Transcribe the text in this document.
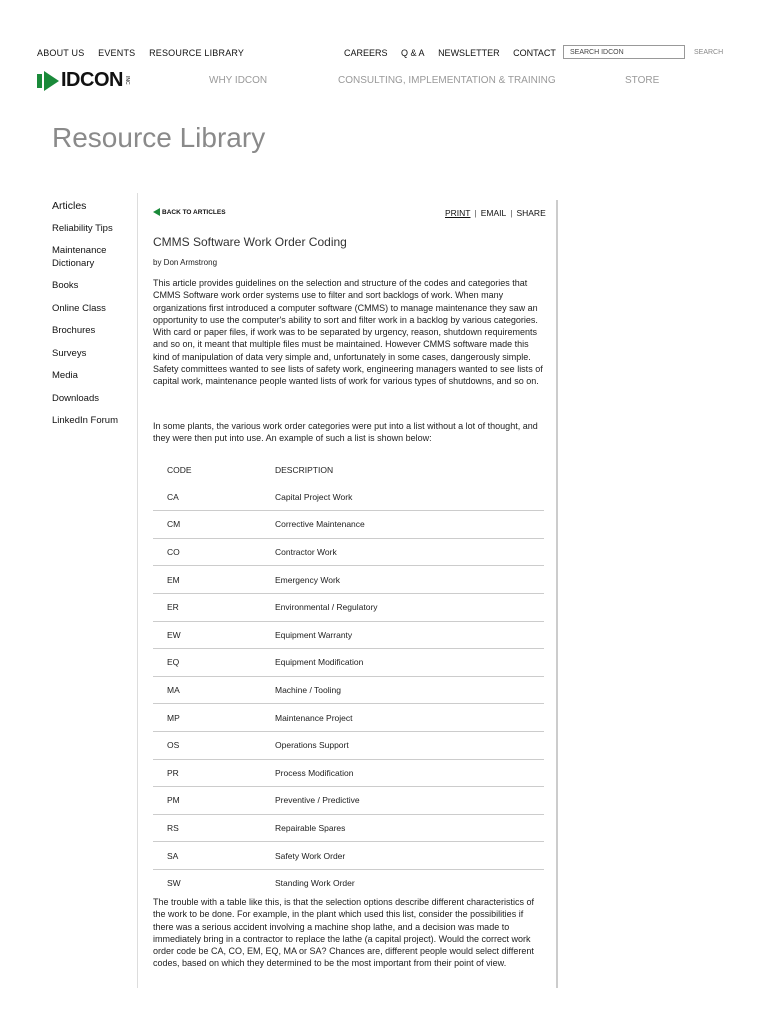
ABOUT US EVENTS RESOURCE LIBRARY	CAREERS Q & A NEWSLETTER CONTACT	SEARCH IDCON	SEARCH
IDCON INC	WHY IDCON	CONSULTING, IMPLEMENTATION & TRAINING	STORE
Resource Library
Articles
Reliability Tips
Maintenance Dictionary
Books
Online Class
Brochures
Surveys
Media
Downloads
LinkedIn Forum
BACK TO ARTICLES	PRINT | EMAIL | SHARE
CMMS Software Work Order Coding
by Don Armstrong

This article provides guidelines on the selection and structure of the codes and categories that CMMS Software work order systems use to filter and sort backlogs of work. When many organizations first introduced a computer software (CMMS) to manage maintenance they saw an opportunity to use the computer's ability to sort and filter work in a backlog by various categories. With card or paper files, if work was to be separated by urgency, reason, shutdown requirements and so on, it meant that multiple files must be maintained. However CMMS software made this kind of manipulation of data very simple and, unfortunately in some cases, dangerously simple. Safety committees wanted to see lists of safety work, engineering managers wanted to see lists of capital work, maintenance people wanted lists of work for various types of shutdowns, and so on.

In some plants, the various work order categories were put into a list without a lot of thought, and they were then put into use. An example of such a list is shown below:

CODE	DESCRIPTION
CA	Capital Project Work
CM	Corrective Maintenance
CO	Contractor Work
EM	Emergency Work
ER	Environmental / Regulatory
EW	Equipment Warranty
EQ	Equipment Modification
MA	Machine / Tooling
MP	Maintenance Project
OS	Operations Support
PR	Process Modification
PM	Preventive / Predictive
RS	Repairable Spares
SA	Safety Work Order
SW	Standing Work Order

The trouble with a table like this, is that the selection options describe different characteristics of the work to be done. For example, in the plant which used this list, consider the possibilities if there was a serious accident involving a machine shop lathe, and a decision was made to immediately bring in a contractor to replace the lathe (a capital project). Would the correct work order code be CA, CO, EM, EQ, MA or SA? Chances are, different people would select different codes, based on which they determined to be the most important from their point of view.
